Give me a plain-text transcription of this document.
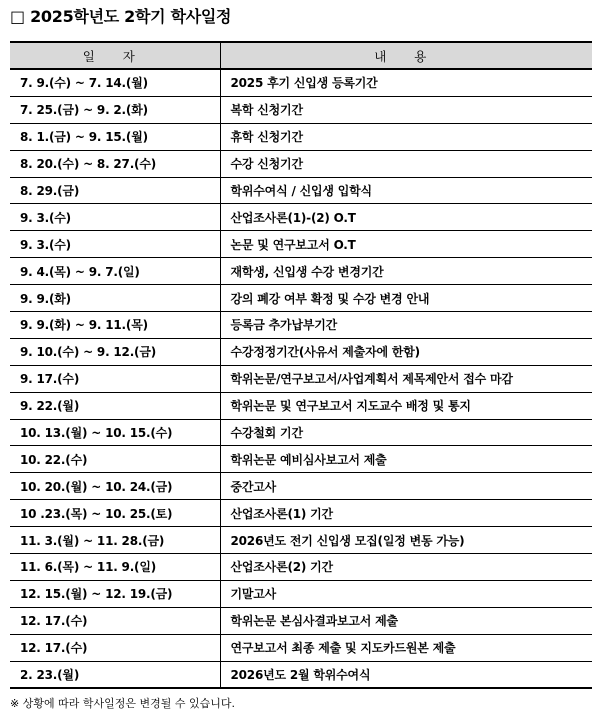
□ 2025학년도 2학기 학사일정
일 자	내 용
7. 9.(수) ~ 7. 14.(월)	2025 후기 신입생 등록기간
7. 25.(금) ~ 9. 2.(화)	복학 신청기간
8. 1.(금) ~ 9. 15.(월)	휴학 신청기간
8. 20.(수) ~ 8. 27.(수)	수강 신청기간
8. 29.(금)	학위수여식 / 신입생 입학식
9. 3.(수)	산업조사론(1)-(2) O.T
9. 3.(수)	논문 및 연구보고서 O.T
9. 4.(목) ~ 9. 7.(일)	재학생, 신입생 수강 변경기간
9. 9.(화)	강의 폐강 여부 확정 및 수강 변경 안내
9. 9.(화) ~ 9. 11.(목)	등록금 추가납부기간
9. 10.(수) ~ 9. 12.(금)	수강정정기간(사유서 제출자에 한함)
9. 17.(수)	학위논문/연구보고서/사업계획서 제목제안서 접수 마감
9. 22.(월)	학위논문 및 연구보고서 지도교수 배정 및 통지
10. 13.(월) ~ 10. 15.(수)	수강철회 기간
10. 22.(수)	학위논문 예비심사보고서 제출
10. 20.(월) ~ 10. 24.(금)	중간고사
10 .23.(목) ~ 10. 25.(토)	산업조사론(1) 기간
11. 3.(월) ~ 11. 28.(금)	2026년도 전기 신입생 모집(일정 변동 가능)
11. 6.(목) ~ 11. 9.(일)	산업조사론(2) 기간
12. 15.(월) ~ 12. 19.(금)	기말고사
12. 17.(수)	학위논문 본심사결과보고서 제출
12. 17.(수)	연구보고서 최종 제출 및 지도카드원본 제출
2. 23.(월)	2026년도 2월 학위수여식
※ 상황에 따라 학사일정은 변경될 수 있습니다.
